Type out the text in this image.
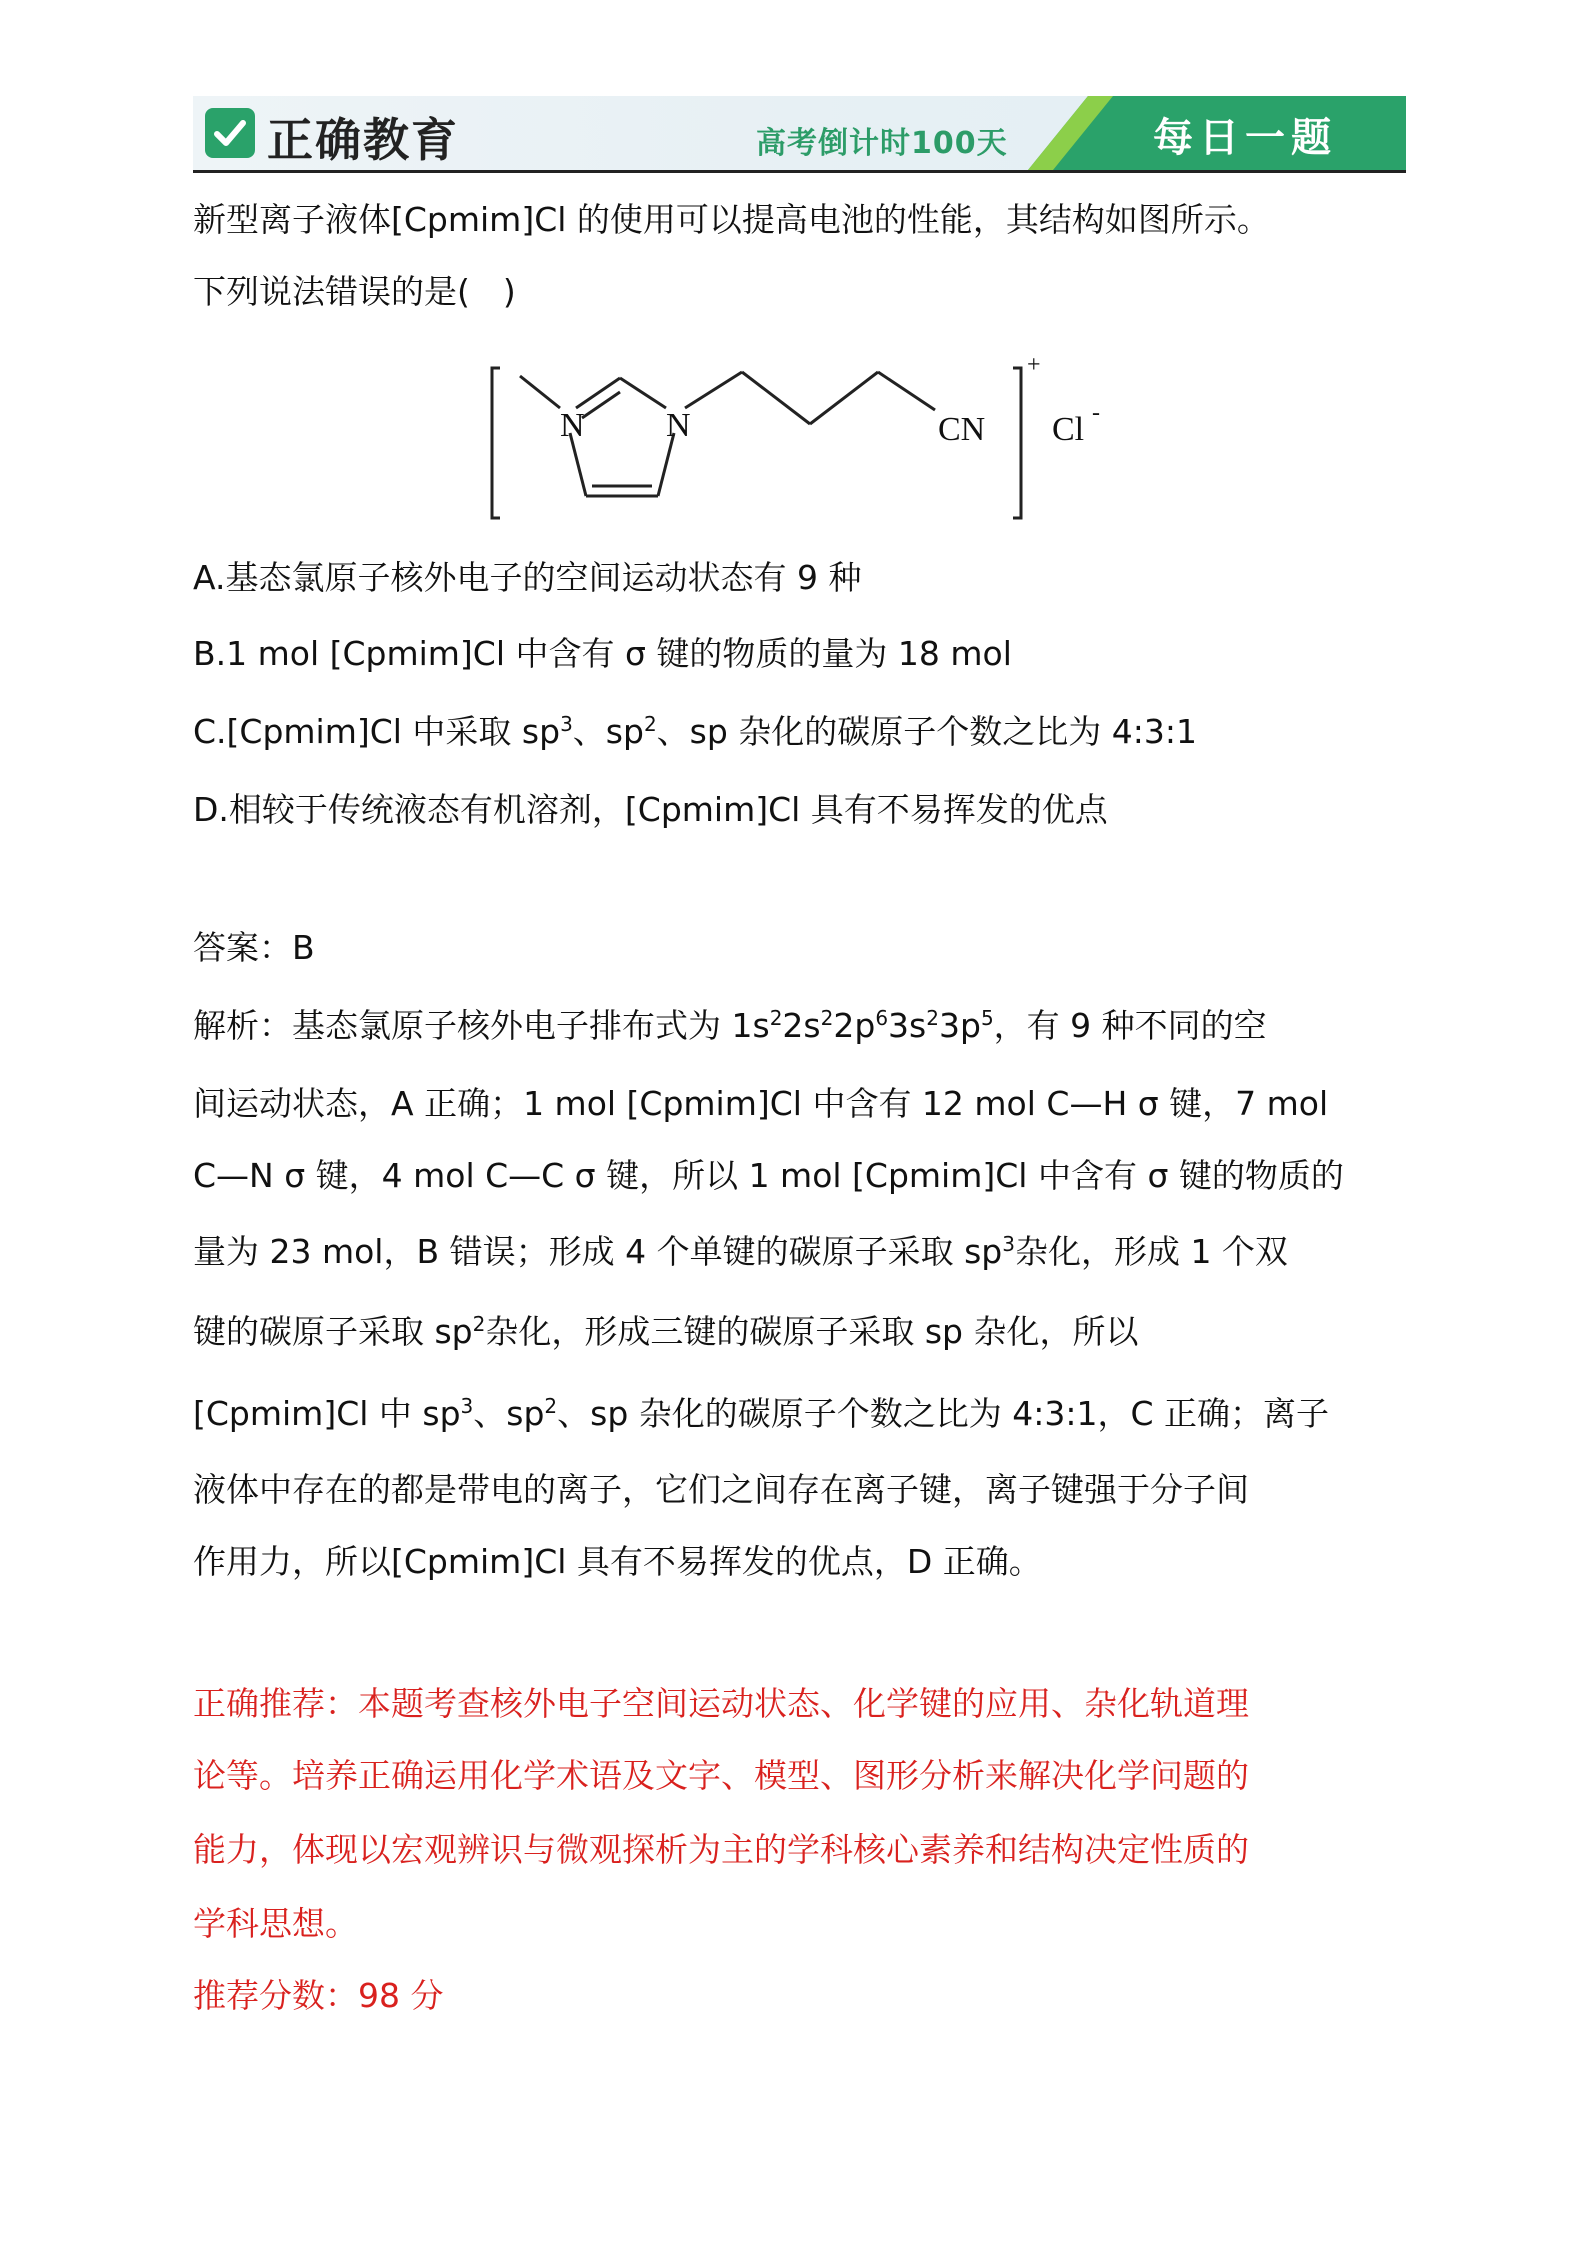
正确教育	高考倒计时100天	每日一题
新型离子液体[Cpmim]Cl 的使用可以提高电池的性能，其结构如图所示。
下列说法错误的是(　)
N N	CN
+
Cl -
A.基态氯原子核外电子的空间运动状态有 9 种
B.1 mol [Cpmim]Cl 中含有 σ 键的物质的量为 18 mol
C.[Cpmim]Cl 中采取 $sp^3$、$sp^2$、sp 杂化的碳原子个数之比为 4:3:1
D.相较于传统液态有机溶剂，[Cpmim]Cl 具有不易挥发的优点
答案：B
解析：基态氯原子核外电子排布式为 $1s^22s^22p^63s^23p^5$，有 9 种不同的空
间运动状态，A 正确；1 mol [Cpmim]Cl 中含有 12 mol C—H σ 键，7 mol
C—N σ 键，4 mol C—C σ 键，所以 1 mol [Cpmim]Cl 中含有 σ 键的物质的
量为 23 mol，B 错误；形成 4 个单键的碳原子采取 $sp^3$杂化，形成 1 个双
键的碳原子采取 $sp^2$杂化，形成三键的碳原子采取 sp 杂化，所以
[Cpmim]Cl 中 $sp^3$、$sp^2$、sp 杂化的碳原子个数之比为 4:3:1，C 正确；离子
液体中存在的都是带电的离子，它们之间存在离子键，离子键强于分子间
作用力，所以[Cpmim]Cl 具有不易挥发的优点，D 正确。
正确推荐：本题考查核外电子空间运动状态、化学键的应用、杂化轨道理
论等。培养正确运用化学术语及文字、模型、图形分析来解决化学问题的
能力，体现以宏观辨识与微观探析为主的学科核心素养和结构决定性质的
学科思想。
推荐分数：98 分
